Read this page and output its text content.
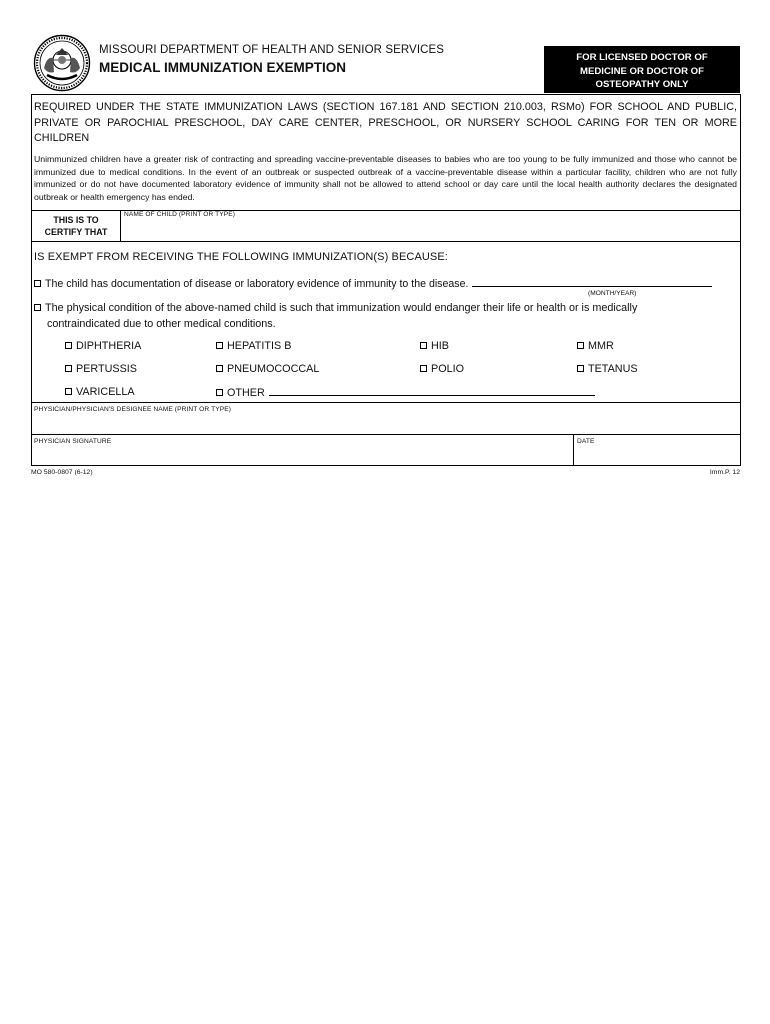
MISSOURI DEPARTMENT OF HEALTH AND SENIOR SERVICES
MEDICAL IMMUNIZATION EXEMPTION
FOR LICENSED DOCTOR OF
MEDICINE OR DOCTOR OF
OSTEOPATHY ONLY
REQUIRED UNDER THE STATE IMMUNIZATION LAWS (SECTION 167.181 AND SECTION 210.003, RSMo) FOR SCHOOL AND PUBLIC, PRIVATE OR PAROCHIAL PRESCHOOL, DAY CARE CENTER, PRESCHOOL, OR NURSERY SCHOOL CARING FOR TEN OR MORE CHILDREN
Unimmunized children have a greater risk of contracting and spreading vaccine-preventable diseases to babies who are too young to be fully immunized and those who cannot be immunized due to medical conditions. In the event of an outbreak or suspected outbreak of a vaccine-preventable disease within a particular facility, children who are not fully immunized or do not have documented laboratory evidence of immunity shall not be allowed to attend school or day care until the local health authority declares the designated outbreak or health emergency has ended.
THIS IS TO
CERTIFY THAT
NAME OF CHILD (PRINT OR TYPE)
IS EXEMPT FROM RECEIVING THE FOLLOWING IMMUNIZATION(S) BECAUSE:
The child has documentation of disease or laboratory evidence of immunity to the disease.
(MONTH/YEAR)
The physical condition of the above-named child is such that immunization would endanger their life or health or is medically
contraindicated due to other medical conditions.
DIPHTHERIA	HEPATITIS B	HIB	MMR
PERTUSSIS	PNEUMOCOCCAL	POLIO	TETANUS
VARICELLA	OTHER
PHYSICIAN/PHYSICIAN'S DESIGNEE NAME (PRINT OR TYPE)
PHYSICIAN SIGNATURE	DATE
MO 580-0807 (6-12)	Imm.P. 12
